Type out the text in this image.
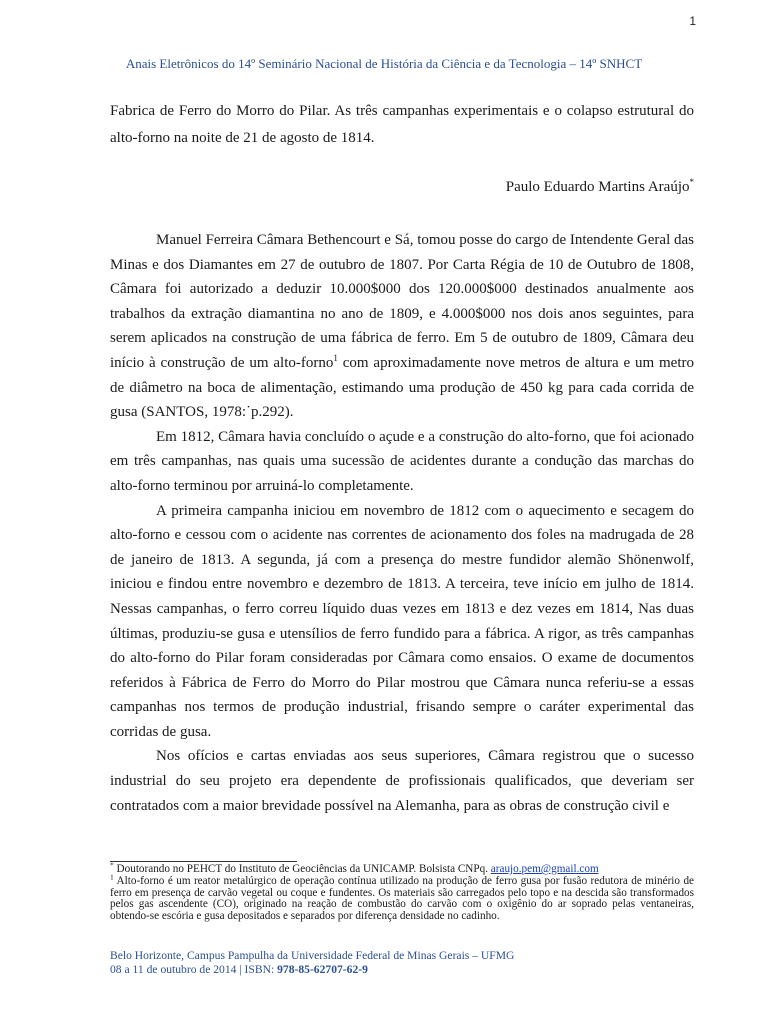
1
Anais Eletrônicos do 14º Seminário Nacional de História da Ciência e da Tecnologia – 14º SNHCT
Fabrica de Ferro do Morro do Pilar. As três campanhas experimentais e o colapso estrutural do alto-forno na noite de 21 de agosto de 1814.
Paulo Eduardo Martins Araújo*

Manuel Ferreira Câmara Bethencourt e Sá, tomou posse do cargo de Intendente Geral das Minas e dos Diamantes em 27 de outubro de 1807. Por Carta Régia de 10 de Outubro de 1808, Câmara foi autorizado a deduzir 10.000$000 dos 120.000$000 destinados anualmente aos trabalhos da extração diamantina no ano de 1809, e 4.000$000 nos dois anos seguintes, para serem aplicados na construção de uma fábrica de ferro. Em 5 de outubro de 1809, Câmara deu início à construção de um alto-forno$^1$ com aproximadamente nove metros de altura e um metro de diâmetro na boca de alimentação, estimando uma produção de 450 kg para cada corrida de gusa (SANTOS, 1978:˙p.292).

Em 1812, Câmara havia concluído o açude e a construção do alto-forno, que foi acionado em três campanhas, nas quais uma sucessão de acidentes durante a condução das marchas do alto-forno terminou por arruiná-lo completamente.

A primeira campanha iniciou em novembro de 1812 com o aquecimento e secagem do alto-forno e cessou com o acidente nas correntes de acionamento dos foles na madrugada de 28 de janeiro de 1813. A segunda, já com a presença do mestre fundidor alemão Shönenwolf, iniciou e findou entre novembro e dezembro de 1813. A terceira, teve início em julho de 1814. Nessas campanhas, o ferro correu líquido duas vezes em 1813 e dez vezes em 1814, Nas duas últimas, produziu-se gusa e utensílios de ferro fundido para a fábrica. A rigor, as três campanhas do alto-forno do Pilar foram consideradas por Câmara como ensaios. O exame de documentos referidos à Fábrica de Ferro do Morro do Pilar mostrou que Câmara nunca referiu-se a essas campanhas nos termos de produção industrial, frisando sempre o caráter experimental das corridas de gusa.

Nos ofícios e cartas enviadas aos seus superiores, Câmara registrou que o sucesso industrial do seu projeto era dependente de profissionais qualificados, que deveriam ser contratados com a maior brevidade possível na Alemanha, para as obras de construção civil e

* Doutorando no PEHCT do Instituto de Geociências da UNICAMP. Bolsista CNPq. araujo.pem@gmail.com

$^1$ Alto-forno é um reator metalúrgico de operação contínua utilizado na produção de ferro gusa por fusão redutora de minério de ferro em presença de carvão vegetal ou coque e fundentes. Os materiais são carregados pelo topo e na descida são transformados pelos gas ascendente (CO), originado na reação de combustão do carvão com o oxigênio do ar soprado pelas ventaneiras, obtendo-se escória e gusa depositados e separados por diferença densidade no cadinho.

Belo Horizonte, Campus Pampulha da Universidade Federal de Minas Gerais – UFMG
08 a 11 de outubro de 2014 | ISBN: 978-85-62707-62-9
